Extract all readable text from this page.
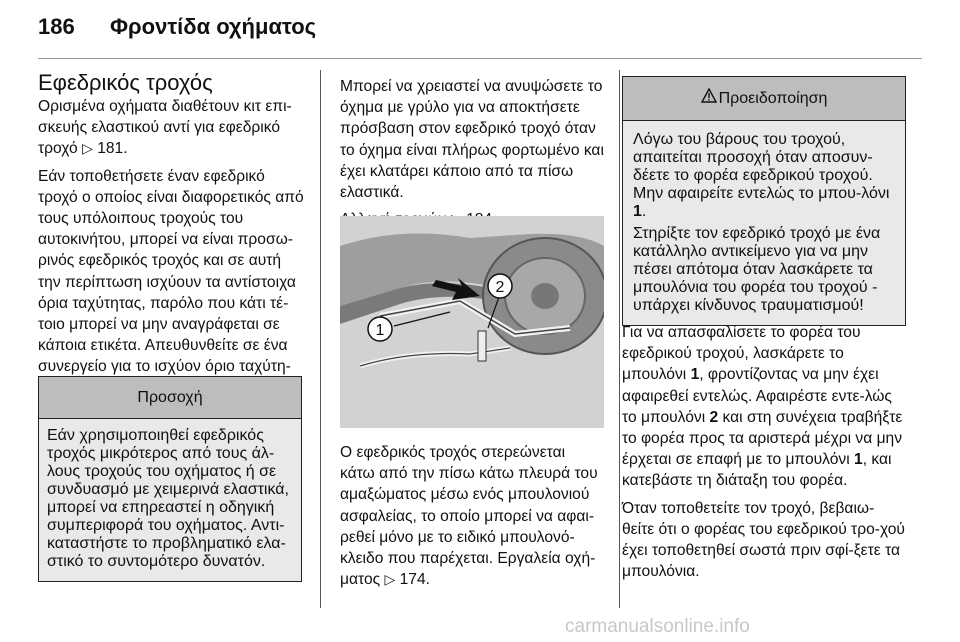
186	Φροντίδα οχήματος
Εφεδρικός τροχός

Ορισμένα οχήματα διαθέτουν κιτ επι-σκευής ελαστικού αντί για εφεδρικό τροχό ▷ 181.

Εάν τοποθετήσετε έναν εφεδρικό τροχό ο οποίος είναι διαφορετικός από τους υπόλοιπους τροχούς του αυτοκινήτου, μπορεί να είναι προσω-ρινός εφεδρικός τροχός και σε αυτή την περίπτωση ισχύουν τα αντίστοιχα όρια ταχύτητας, παρόλο που κάτι τέ-τοιο μπορεί να μην αναγράφεται σε κάποια ετικέτα. Απευθυνθείτε σε ένα συνεργείο για το ισχύον όριο ταχύτη-

Προσοχή

Εάν χρησιμοποιηθεί εφεδρικός τροχός μικρότερος από τους άλ-λους τροχούς του οχήματος ή σε συνδυασμό με χειμερινά ελαστικά, μπορεί να επηρεαστεί η οδηγική συμπεριφορά του οχήματος. Αντι-καταστήστε το προβληματικό ελα-στικό το συντομότερο δυνατόν.

Μπορεί να χρειαστεί να ανυψώσετε το όχημα με γρύλο για να αποκτήσετε πρόσβαση στον εφεδρικό τροχό όταν το όχημα είναι πλήρως φορτωμένο και έχει κλατάρει κάποιο από τα πίσω ελαστικά.

1
2

Ο εφεδρικός τροχός στερεώνεται κάτω από την πίσω κάτω πλευρά του αμαξώματος μέσω ενός μπουλονιού ασφαλείας, το οποίο μπορεί να αφαι-ρεθεί μόνο με το ειδικό μπουλονό-κλειδο που παρέχεται. Εργαλεία οχή-ματος ▷ 174.

Προειδοποίηση

Λόγω του βάρους του τροχού, απαιτείται προσοχή όταν αποσυν-δέετε το φορέα εφεδρικού τροχού. Μην αφαιρείτε εντελώς το μπου-λόνι 1.

Στηρίξτε τον εφεδρικό τροχό με ένα κατάλληλο αντικείμενο για να μην πέσει απότομα όταν λασκάρετε τα μπουλόνια του φορέα του τροχού - υπάρχει κίνδυνος τραυματισμού!

Για να απασφαλίσετε το φορέα του εφεδρικού τροχού, λασκάρετε το μπουλόνι 1, φροντίζοντας να μην έχει αφαιρεθεί εντελώς. Αφαιρέστε εντε-λώς το μπουλόνι 2 και στη συνέχεια τραβήξτε το φορέα προς τα αριστερά μέχρι να μην έρχεται σε επαφή με το μπουλόνι 1, και κατεβάστε τη διάταξη του φορέα.

Όταν τοποθετείτε τον τροχό, βεβαιω-θείτε ότι ο φορέας του εφεδρικού τρο-χού έχει τοποθετηθεί σωστά πριν σφί-ξετε τα μπουλόνια.

carmanualsonline.info
